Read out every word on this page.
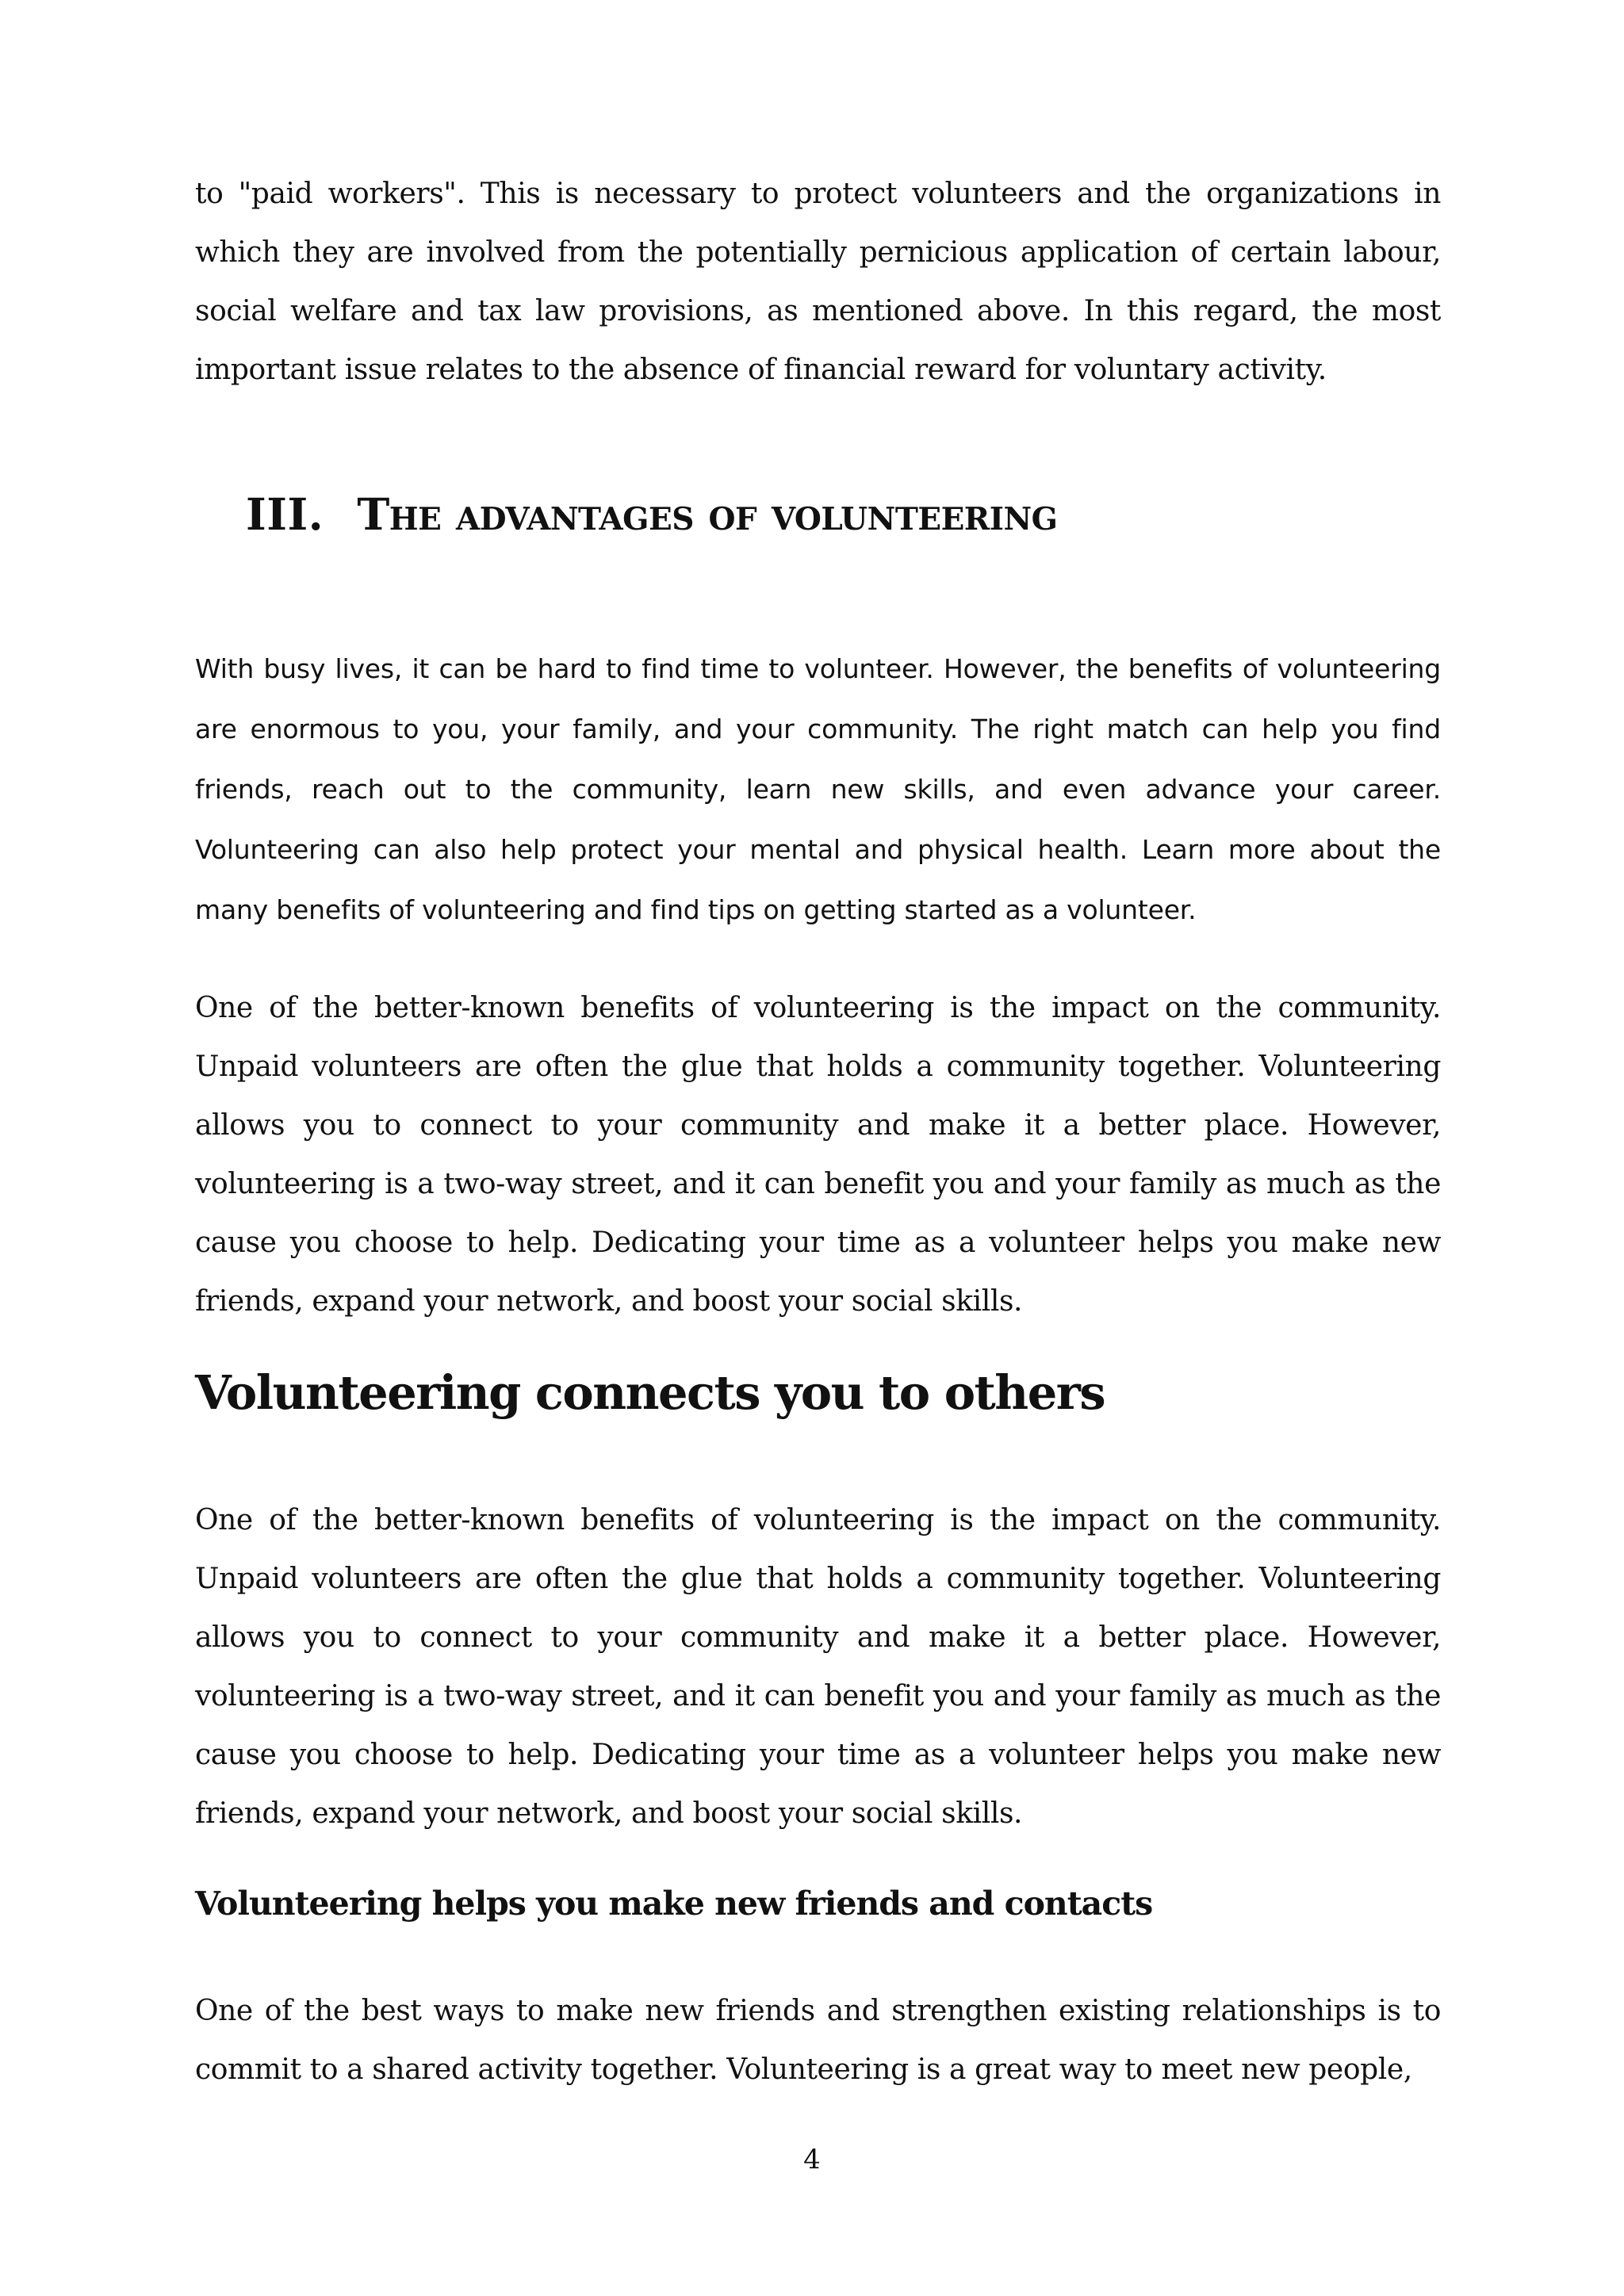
to "paid workers". This is necessary to protect volunteers and the organizations in which they are involved from the potentially pernicious application of certain labour, social welfare and tax law provisions, as mentioned above. In this regard, the most important issue relates to the absence of financial reward for voluntary activity.

III. The advantages of volunteering

With busy lives, it can be hard to find time to volunteer. However, the benefits of volunteering are enormous to you, your family, and your community. The right match can help you find friends, reach out to the community, learn new skills, and even advance your career. Volunteering can also help protect your mental and physical health. Learn more about the many benefits of volunteering and find tips on getting started as a volunteer.

One of the better-known benefits of volunteering is the impact on the community. Unpaid volunteers are often the glue that holds a community together. Volunteering allows you to connect to your community and make it a better place. However, volunteering is a two-way street, and it can benefit you and your family as much as the cause you choose to help. Dedicating your time as a volunteer helps you make new friends, expand your network, and boost your social skills.

Volunteering connects you to others

One of the better-known benefits of volunteering is the impact on the community. Unpaid volunteers are often the glue that holds a community together. Volunteering allows you to connect to your community and make it a better place. However, volunteering is a two-way street, and it can benefit you and your family as much as the cause you choose to help. Dedicating your time as a volunteer helps you make new friends, expand your network, and boost your social skills.

Volunteering helps you make new friends and contacts

One of the best ways to make new friends and strengthen existing relationships is to commit to a shared activity together. Volunteering is a great way to meet new people,

4
